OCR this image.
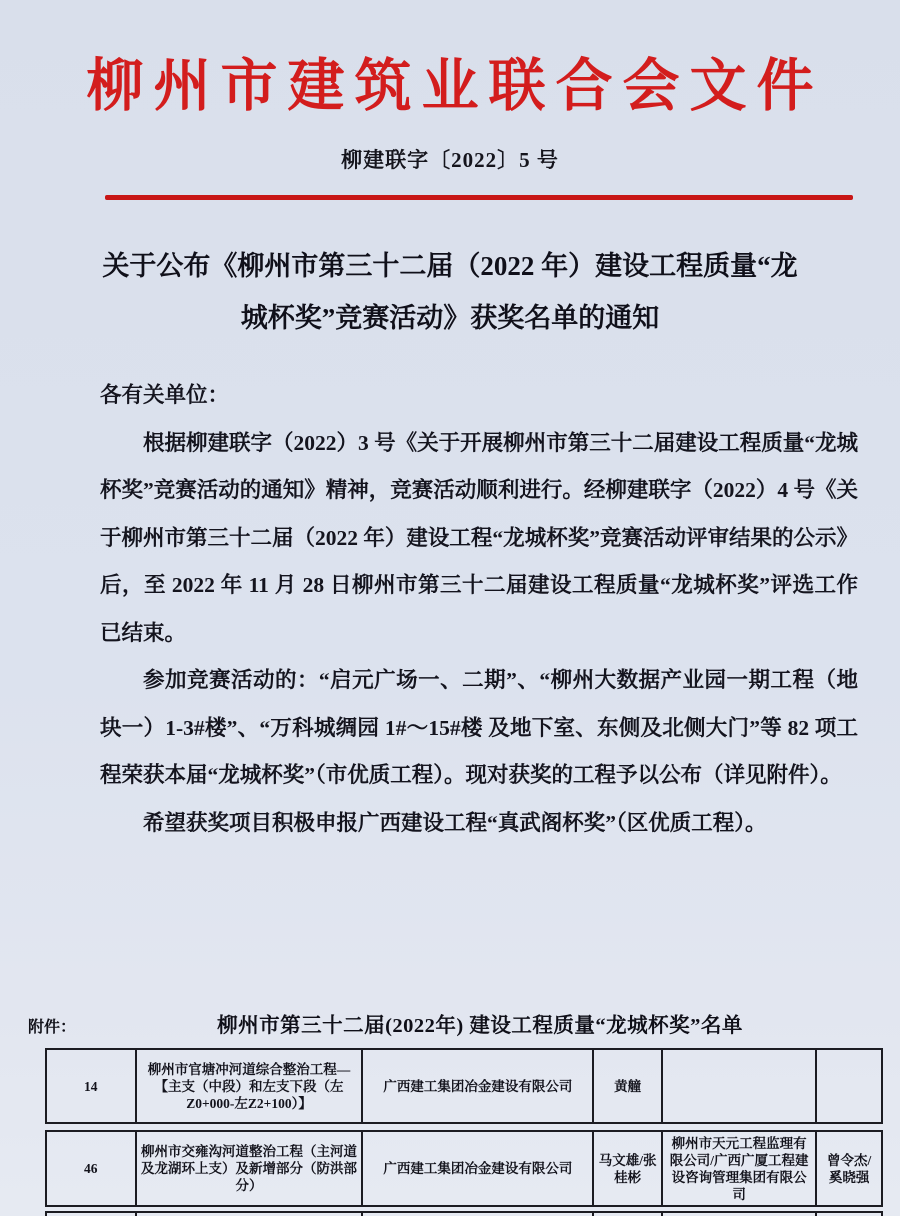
柳州市建筑业联合会文件
柳建联字〔2022〕5 号
关于公布《柳州市第三十二届（2022 年）建设工程质量“龙
城杯奖”竞赛活动》获奖名单的通知

各有关单位：

根据柳建联字（2022）3 号《关于开展柳州市第三十二届建设工程质量“龙城杯奖”竞赛活动的通知》精神，竞赛活动顺利进行。经柳建联字（2022）4 号《关于柳州市第三十二届（2022 年）建设工程“龙城杯奖”竞赛活动评审结果的公示》后，至 2022 年 11 月 28 日柳州市第三十二届建设工程质量“龙城杯奖”评选工作已结束。

参加竞赛活动的：“启元广场一、二期”、“柳州大数据产业园一期工程（地块一）1-3#楼”、“万科城绸园 1#～15#楼 及地下室、东侧及北侧大门”等 82 项工程荣获本届“龙城杯奖”（市优质工程）。现对获奖的工程予以公布（详见附件）。

希望获奖项目积极申报广西建设工程“真武阁杯奖”（区优质工程）。

附件：	柳州市第三十二届(2022年) 建设工程质量“龙城杯奖”名单
14
柳州市官塘冲河道综合整治工程—【主支（中段）和左支下段（左Z0+000-左Z2+100）】
广西建工集团冶金建设有限公司	黄艟
46
柳州市交雍沟河道整治工程（主河道及龙湖环上支）及新增部分（防洪部分）
广西建工集团冶金建设有限公司
马文雄/张桂彬
柳州市天元工程监理有限公司/广西广厦工程建设咨询管理集团有限公司
曾令杰/奚晓强
